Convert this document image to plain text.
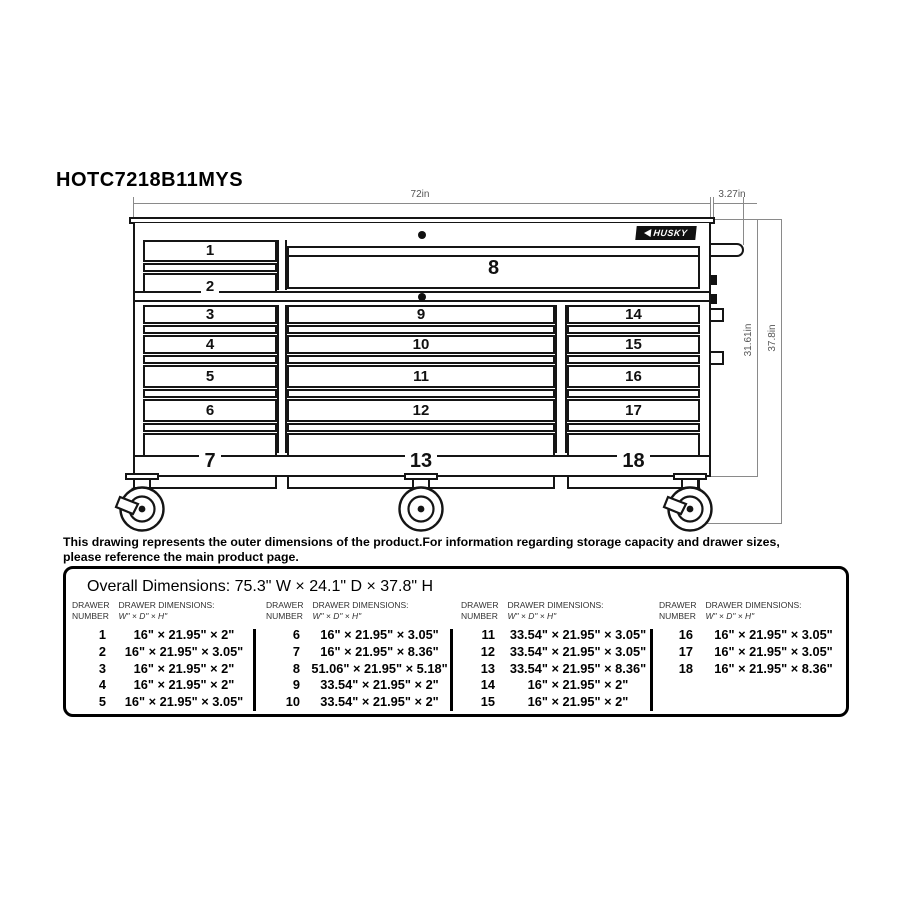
HOTC7218B11MYS
72in	3.27in
31.61in 37.8in
HUSKY
1
2
8
3
4
5
6
7
9
10
11
12
13
14
15
16
17
18
This drawing represents the outer dimensions of the product.For information regarding storage capacity and drawer sizes,
please reference the main product page.
Overall Dimensions: 75.3" W × 24.1" D × 37.8" H
DRAWER
NUMBER
DRAWER DIMENSIONS:
W" × D" × H"
1	16" × 21.95" × 2"
2	16" × 21.95" × 3.05"
3	16" × 21.95" × 2"
4	16" × 21.95" × 2"
5	16" × 21.95" × 3.05"
DRAWER
NUMBER
DRAWER DIMENSIONS:
W" × D" × H"
6	16" × 21.95" × 3.05"
7	16" × 21.95" × 8.36"
8 51.06" × 21.95" × 5.18"
9	33.54" × 21.95" × 2"
10	33.54" × 21.95" × 2"
DRAWER
NUMBER
DRAWER DIMENSIONS:
W" × D" × H"
11	33.54" × 21.95" × 3.05"
12	33.54" × 21.95" × 3.05"
13	33.54" × 21.95" × 8.36"
14	16" × 21.95" × 2"
15	16" × 21.95" × 2"
DRAWER
NUMBER
DRAWER DIMENSIONS:
W" × D" × H"
16	16" × 21.95" × 3.05"
17	16" × 21.95" × 3.05"
18	16" × 21.95" × 8.36"
